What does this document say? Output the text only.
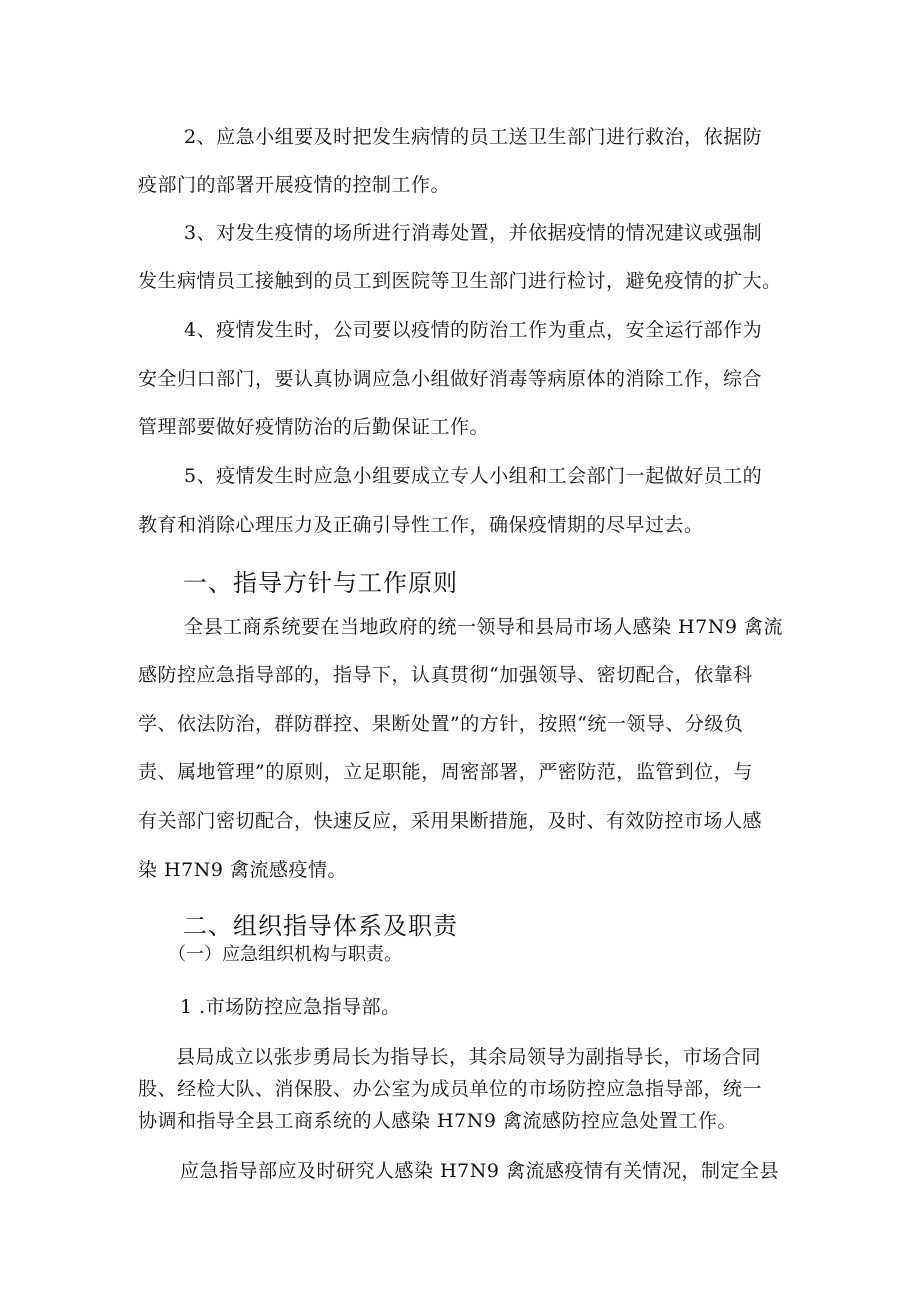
2、应急小组要及时把发生病情的员工送卫生部门进行救治，依据防
疫部门的部署开展疫情的控制工作。
3、对发生疫情的场所进行消毒处置，并依据疫情的情况建议或强制
发生病情员工接触到的员工到医院等卫生部门进行检讨，避免疫情的扩大。
4、疫情发生时，公司要以疫情的防治工作为重点，安全运行部作为
安全归口部门，要认真协调应急小组做好消毒等病原体的消除工作，综合
管理部要做好疫情防治的后勤保证工作。
5、疫情发生时应急小组要成立专人小组和工会部门一起做好员工的
教育和消除心理压力及正确引导性工作，确保疫情期的尽早过去。
一、指导方针与工作原则
全县工商系统要在当地政府的统一领导和县局市场人感染 H7N9 禽流
感防控应急指导部的，指导下，认真贯彻“加强领导、密切配合，依靠科
学、依法防治，群防群控、果断处置”的方针，按照“统一领导、分级负
责、属地管理”的原则，立足职能，周密部署，严密防范，监管到位，与
有关部门密切配合，快速反应，采用果断措施，及时、有效防控市场人感
染 H7N9 禽流感疫情。
二、组织指导体系及职责
（一）应急组织机构与职责。
1 .市场防控应急指导部。
县局成立以张步勇局长为指导长，其余局领导为副指导长，市场合同
股、经检大队、消保股、办公室为成员单位的市场防控应急指导部，统一
协调和指导全县工商系统的人感染 H7N9 禽流感防控应急处置工作。
应急指导部应及时研究人感染 H7N9 禽流感疫情有关情况，制定全县
